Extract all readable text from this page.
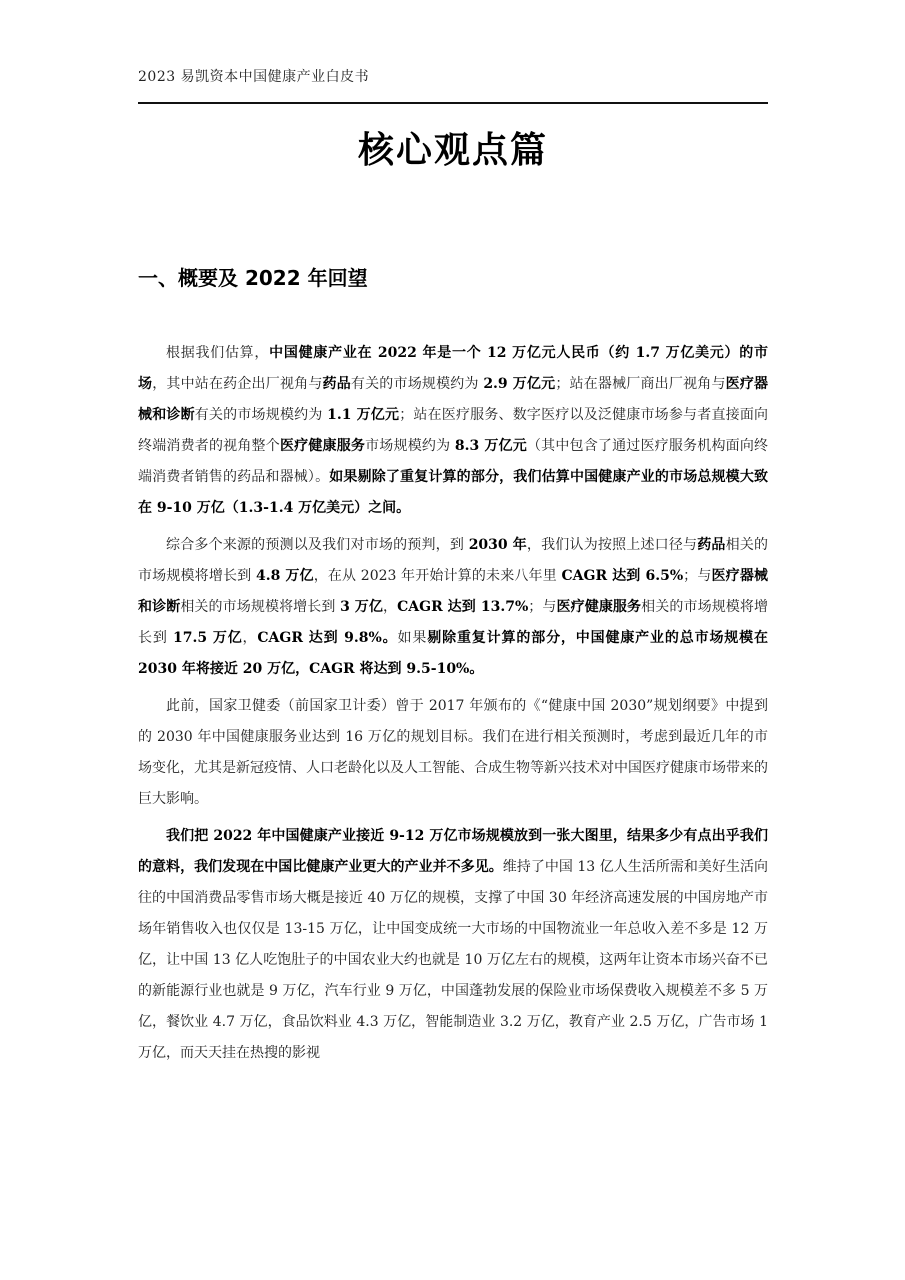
2023 易凯资本中国健康产业白皮书
核心观点篇
一、概要及 2022 年回望

根据我们估算，中国健康产业在 2022 年是一个 12 万亿元人民币（约 1.7 万亿美元）的市场，其中站在药企出厂视角与药品有关的市场规模约为 2.9 万亿元；站在器械厂商出厂视角与医疗器械和诊断有关的市场规模约为 1.1 万亿元；站在医疗服务、数字医疗以及泛健康市场参与者直接面向终端消费者的视角整个医疗健康服务市场规模约为 8.3 万亿元（其中包含了通过医疗服务机构面向终端消费者销售的药品和器械）。如果剔除了重复计算的部分，我们估算中国健康产业的市场总规模大致在 9-10 万亿（1.3-1.4 万亿美元）之间。

综合多个来源的预测以及我们对市场的预判，到 2030 年，我们认为按照上述口径与药品相关的市场规模将增长到 4.8 万亿，在从 2023 年开始计算的未来八年里 CAGR 达到 6.5%；与医疗器械和诊断相关的市场规模将增长到 3 万亿，CAGR 达到 13.7%；与医疗健康服务相关的市场规模将增长到 17.5 万亿，CAGR 达到 9.8%。如果剔除重复计算的部分，中国健康产业的总市场规模在 2030 年将接近 20 万亿，CAGR 将达到 9.5-10%。

此前，国家卫健委（前国家卫计委）曾于 2017 年颁布的《“健康中国 2030”规划纲要》中提到的 2030 年中国健康服务业达到 16 万亿的规划目标。我们在进行相关预测时，考虑到最近几年的市场变化，尤其是新冠疫情、人口老龄化以及人工智能、合成生物等新兴技术对中国医疗健康市场带来的巨大影响。

我们把 2022 年中国健康产业接近 9-12 万亿市场规模放到一张大图里，结果多少有点出乎我们的意料，我们发现在中国比健康产业更大的产业并不多见。维持了中国 13 亿人生活所需和美好生活向往的中国消费品零售市场大概是接近 40 万亿的规模，支撑了中国 30 年经济高速发展的中国房地产市场年销售收入也仅仅是 13-15 万亿，让中国变成统一大市场的中国物流业一年总收入差不多是 12 万亿，让中国 13 亿人吃饱肚子的中国农业大约也就是 10 万亿左右的规模，这两年让资本市场兴奋不已的新能源行业也就是 9 万亿，汽车行业 9 万亿，中国蓬勃发展的保险业市场保费收入规模差不多 5 万亿，餐饮业 4.7 万亿，食品饮料业 4.3 万亿，智能制造业 3.2 万亿，教育产业 2.5 万亿，广告市场 1 万亿，而天天挂在热搜的影视
